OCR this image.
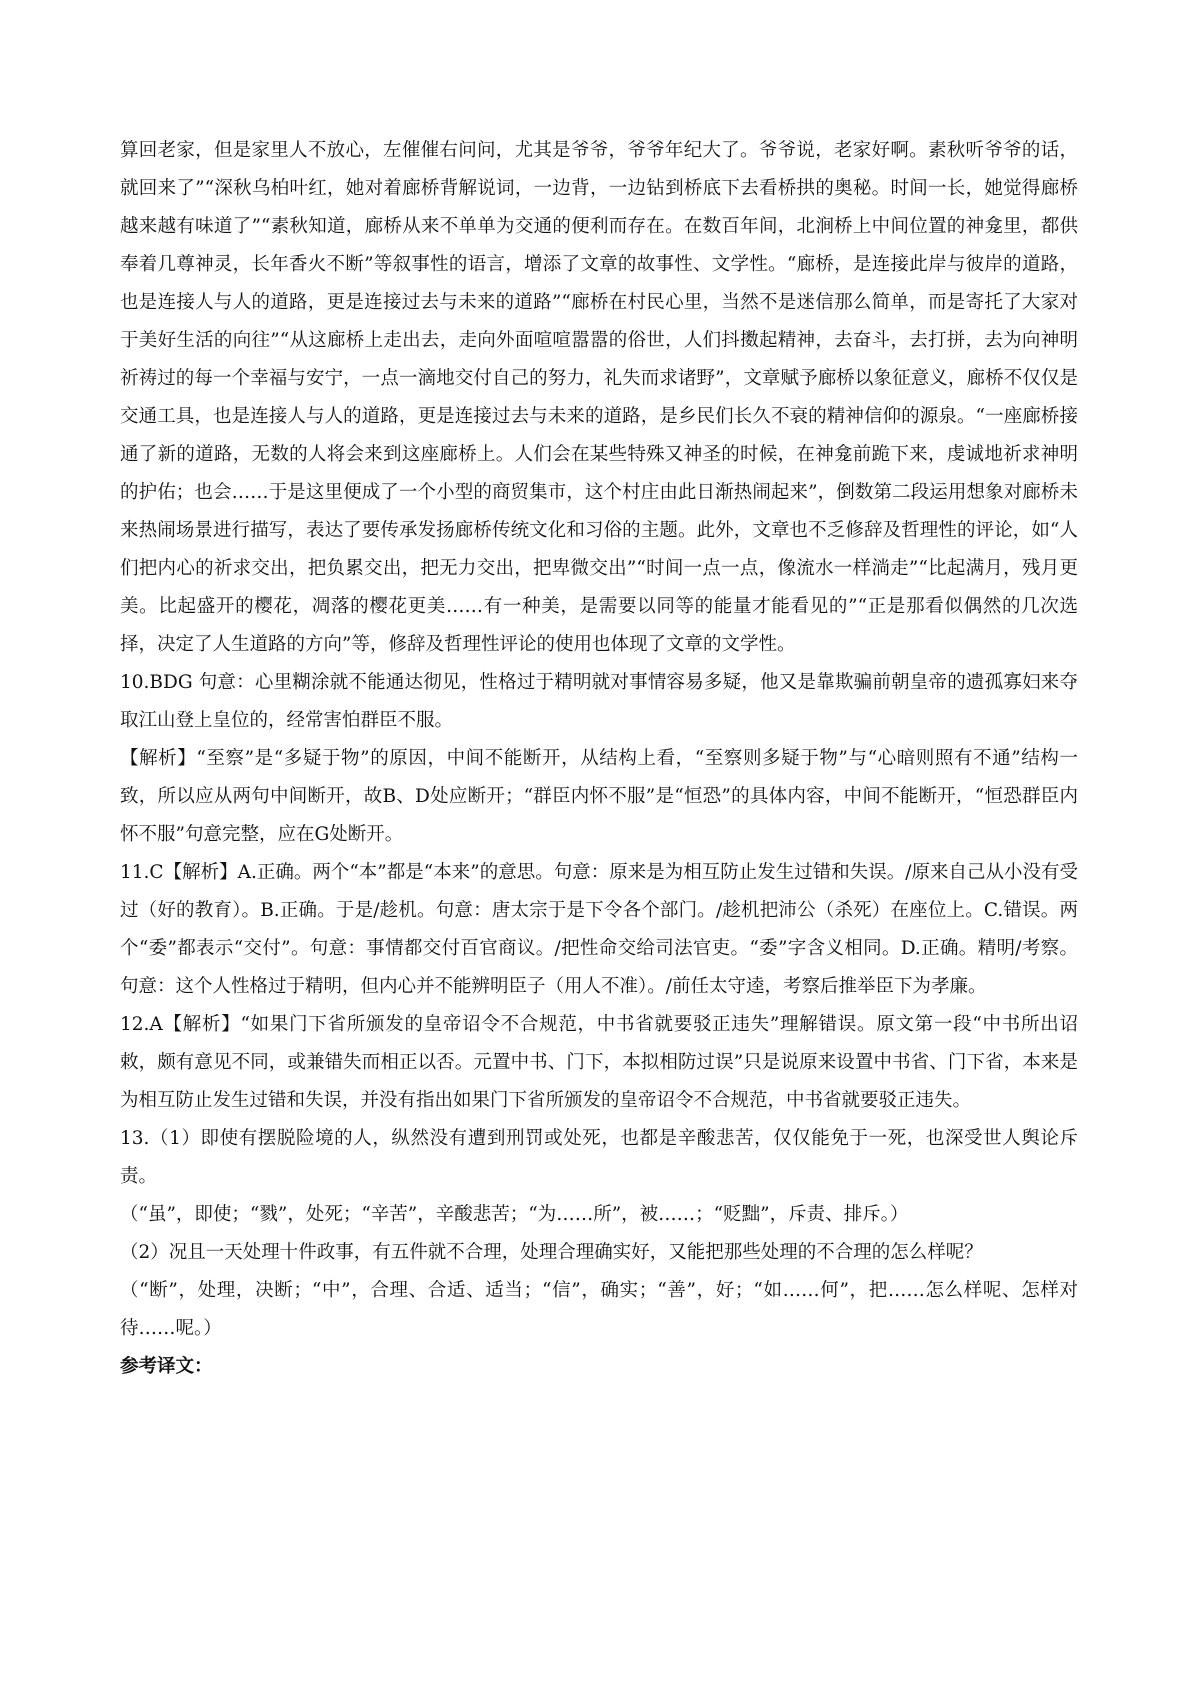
算回老家，但是家里人不放心，左催催右问问，尤其是爷爷，爷爷年纪大了。爷爷说，老家好啊。素秋听爷爷的话，就回来了”“深秋乌柏叶红，她对着廊桥背解说词，一边背，一边钻到桥底下去看桥拱的奥秘。时间一长，她觉得廊桥越来越有味道了”“素秋知道，廊桥从来不单单为交通的便利而存在。在数百年间，北涧桥上中间位置的神龛里，都供奉着几尊神灵，长年香火不断”等叙事性的语言，增添了文章的故事性、文学性。“廊桥，是连接此岸与彼岸的道路，也是连接人与人的道路，更是连接过去与未来的道路”“廊桥在村民心里，当然不是迷信那么简单，而是寄托了大家对于美好生活的向往”“从这廊桥上走出去，走向外面喧喧嚣嚣的俗世，人们抖擞起精神，去奋斗，去打拼，去为向神明祈祷过的每一个幸福与安宁，一点一滴地交付自己的努力，礼失而求诸野”，文章赋予廊桥以象征意义，廊桥不仅仅是交通工具，也是连接人与人的道路，更是连接过去与未来的道路，是乡民们长久不衰的精神信仰的源泉。“一座廊桥接通了新的道路，无数的人将会来到这座廊桥上。人们会在某些特殊又神圣的时候，在神龛前跪下来，虔诚地祈求神明的护佑；也会……于是这里便成了一个小型的商贸集市，这个村庄由此日渐热闹起来”，倒数第二段运用想象对廊桥未来热闹场景进行描写，表达了要传承发扬廊桥传统文化和习俗的主题。此外，文章也不乏修辞及哲理性的评论，如“人们把内心的祈求交出，把负累交出，把无力交出，把卑微交出”“时间一点一点，像流水一样淌走”“比起满月，残月更美。比起盛开的樱花，凋落的樱花更美……有一种美，是需要以同等的能量才能看见的”“正是那看似偶然的几次选择，决定了人生道路的方向”等，修辞及哲理性评论的使用也体现了文章的文学性。

10.BDG 句意：心里糊涂就不能通达彻见，性格过于精明就对事情容易多疑，他又是靠欺骗前朝皇帝的遗孤寡妇来夺取江山登上皇位的，经常害怕群臣不服。

【解析】“至察”是“多疑于物”的原因，中间不能断开，从结构上看，“至察则多疑于物”与“心暗则照有不通”结构一致，所以应从两句中间断开，故B、D处应断开；“群臣内怀不服”是“恒恐”的具体内容，中间不能断开，“恒恐群臣内怀不服”句意完整，应在G处断开。

11.C【解析】A.正确。两个“本”都是“本来”的意思。句意：原来是为相互防止发生过错和失误。/原来自己从小没有受过（好的教育）。B.正确。于是/趁机。句意：唐太宗于是下令各个部门。/趁机把沛公（杀死）在座位上。C.错误。两个“委”都表示“交付”。句意：事情都交付百官商议。/把性命交给司法官吏。“委”字含义相同。D.正确。精明/考察。句意：这个人性格过于精明，但内心并不能辨明臣子（用人不准）。/前任太守逵，考察后推举臣下为孝廉。

12.A【解析】“如果门下省所颁发的皇帝诏令不合规范，中书省就要驳正违失”理解错误。原文第一段“中书所出诏敕，颇有意见不同，或兼错失而相正以否。元置中书、门下，本拟相防过误”只是说原来设置中书省、门下省，本来是为相互防止发生过错和失误，并没有指出如果门下省所颁发的皇帝诏令不合规范，中书省就要驳正违失。

13.（1）即使有摆脱险境的人，纵然没有遭到刑罚或处死，也都是辛酸悲苦，仅仅能免于一死，也深受世人舆论斥责。

（“虽”，即使；“戮”，处死；“辛苦”，辛酸悲苦；“为……所”，被……；“贬黜”，斥责、排斥。）

（2）况且一天处理十件政事，有五件就不合理，处理合理确实好，又能把那些处理的不合理的怎么样呢？

（“断”，处理，决断；“中”，合理、合适、适当；“信”，确实；“善”，好；“如……何”，把……怎么样呢、怎样对待……呢。）

参考译文：
